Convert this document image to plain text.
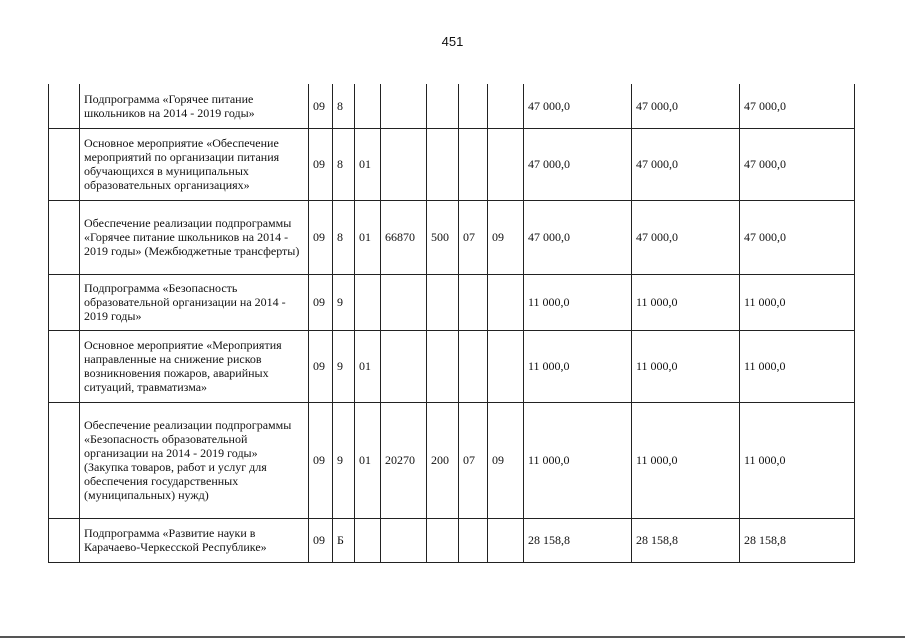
451
	Подпрограмма «Горячее питание школьников на 2014 - 2019 годы»	09	8						47 000,0	47 000,0	47 000,0
	Основное мероприятие «Обеспечение мероприятий по организации питания обучающихся в муниципальных образовательных организациях»	09	8	01					47 000,0	47 000,0	47 000,0
	Обеспечение реализации подпрограммы «Горячее питание школьников на 2014 - 2019 годы» (Межбюджетные трансферты)	09	8	01	66870	500	07	09	47 000,0	47 000,0	47 000,0
	Подпрограмма «Безопасность образовательной организации на 2014 - 2019 годы»	09	9						11 000,0	11 000,0	11 000,0
	Основное мероприятие «Мероприятия направленные на снижение рисков возникновения пожаров, аварийных ситуаций, травматизма»	09	9	01					11 000,0	11 000,0	11 000,0
	Обеспечение реализации подпрограммы «Безопасность образовательной организации на 2014 - 2019 годы» (Закупка товаров, работ и услуг для обеспечения государственных (муниципальных) нужд)	09	9	01	20270	200	07	09	11 000,0	11 000,0	11 000,0
	Подпрограмма «Развитие науки в Карачаево-Черкесской Республике»	09	Б						28 158,8	28 158,8	28 158,8
